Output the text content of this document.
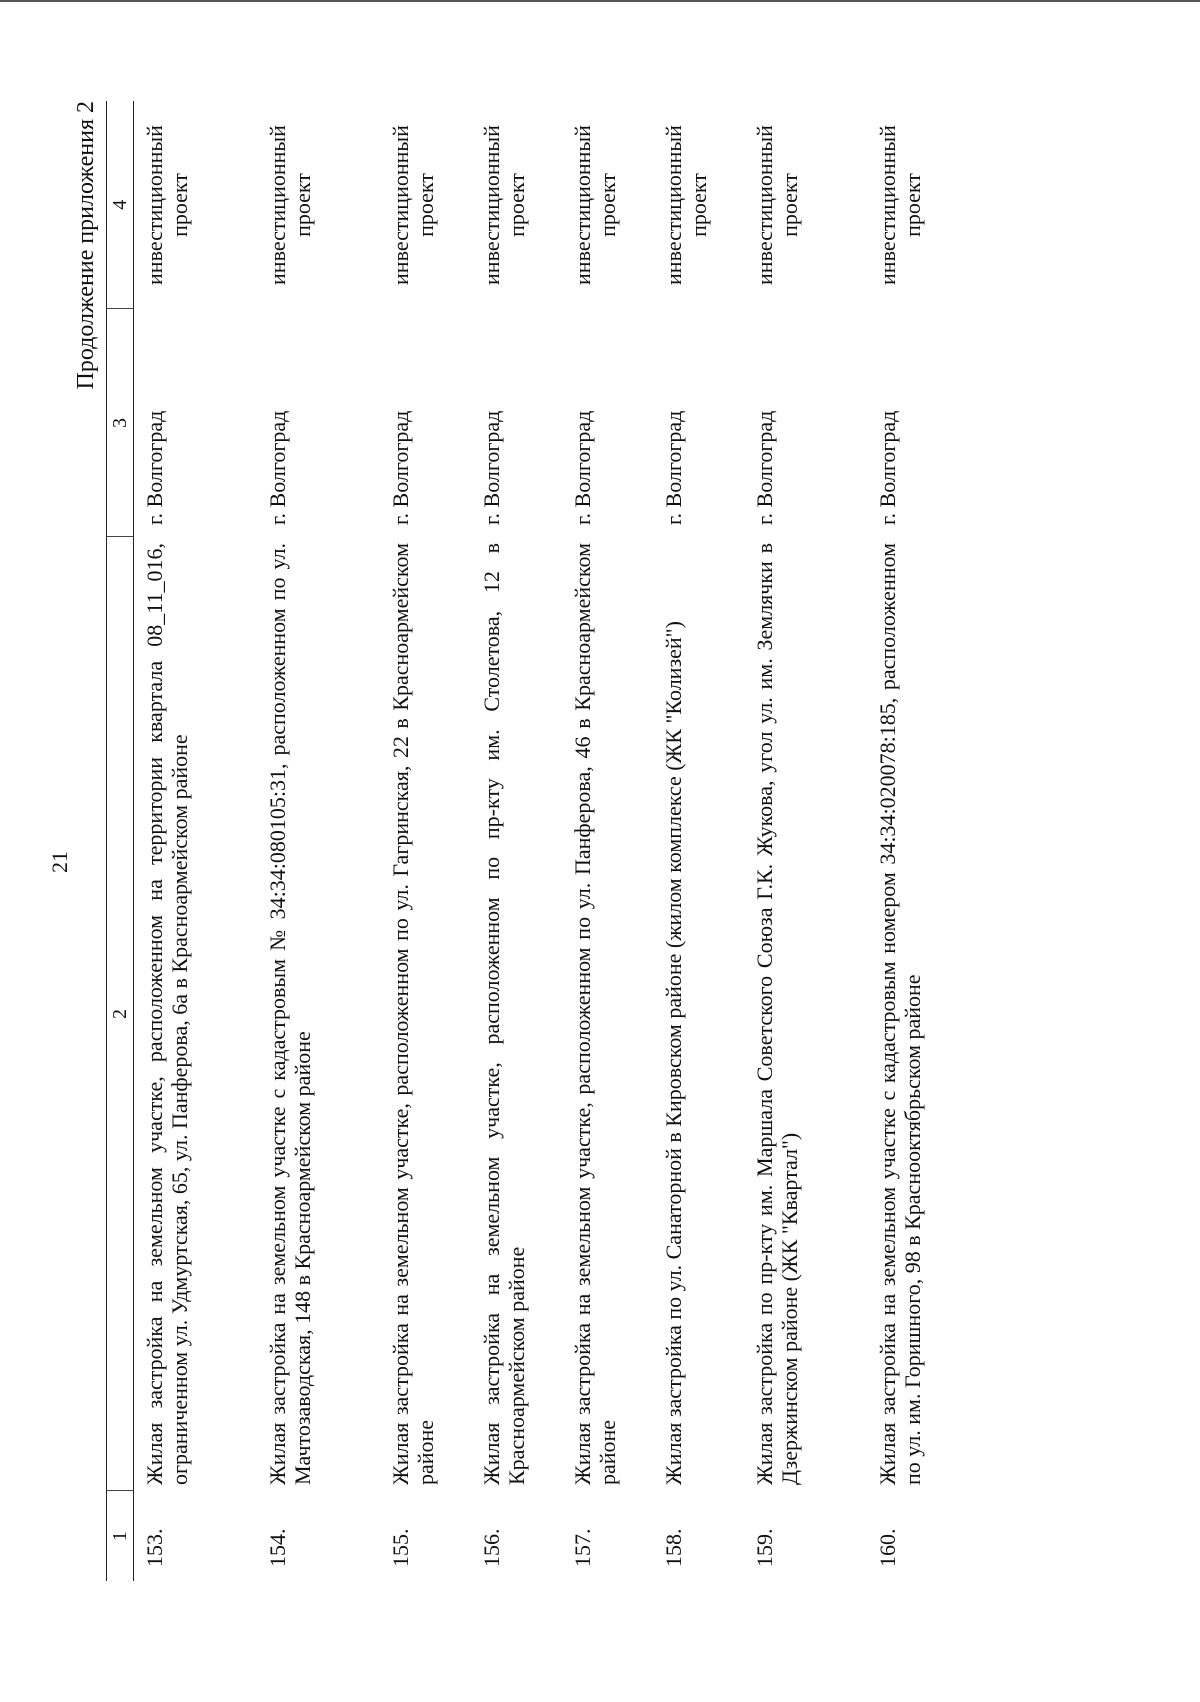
21
Продолжение приложения 2
1	2	3	4
153.	Жилая застройка на земельном участке, расположенном на территории квартала 08_11_016, ограниченном ул. Удмуртская, 65, ул. Панферова, 6а в Красноармейском районе	г. Волгоград	инвестиционный проект
154.	Жилая застройка на земельном участке с кадастровым № 34:34:080105:31, расположенном по ул. Мачтозаводская, 148 в Красноармейском районе	г. Волгоград	инвестиционный проект
155.	Жилая застройка на земельном участке, расположенном по ул. Гагринская, 22 в Красноармейском районе	г. Волгоград	инвестиционный проект
156.	Жилая застройка на земельном участке, расположенном по пр-кту им. Столетова, 12 в Красноармейском районе	г. Волгоград	инвестиционный проект
157.	Жилая застройка на земельном участке, расположенном по ул. Панферова, 46 в Красноармейском районе	г. Волгоград	инвестиционный проект
158.	Жилая застройка по ул. Санаторной в Кировском районе (жилом комплексе (ЖК "Колизей")	г. Волгоград	инвестиционный проект
159.	Жилая застройка по пр-кту им. Маршала Советского Союза Г.К. Жукова, угол ул. им. Землячки в Дзержинском районе (ЖК "Квартал")	г. Волгоград	инвестиционный проект
160.	Жилая застройка на земельном участке с кадастровым номером 34:34:020078:185, расположенном по ул. им. Горишного, 98 в Краснооктябрьском районе	г. Волгоград	инвестиционный проект
